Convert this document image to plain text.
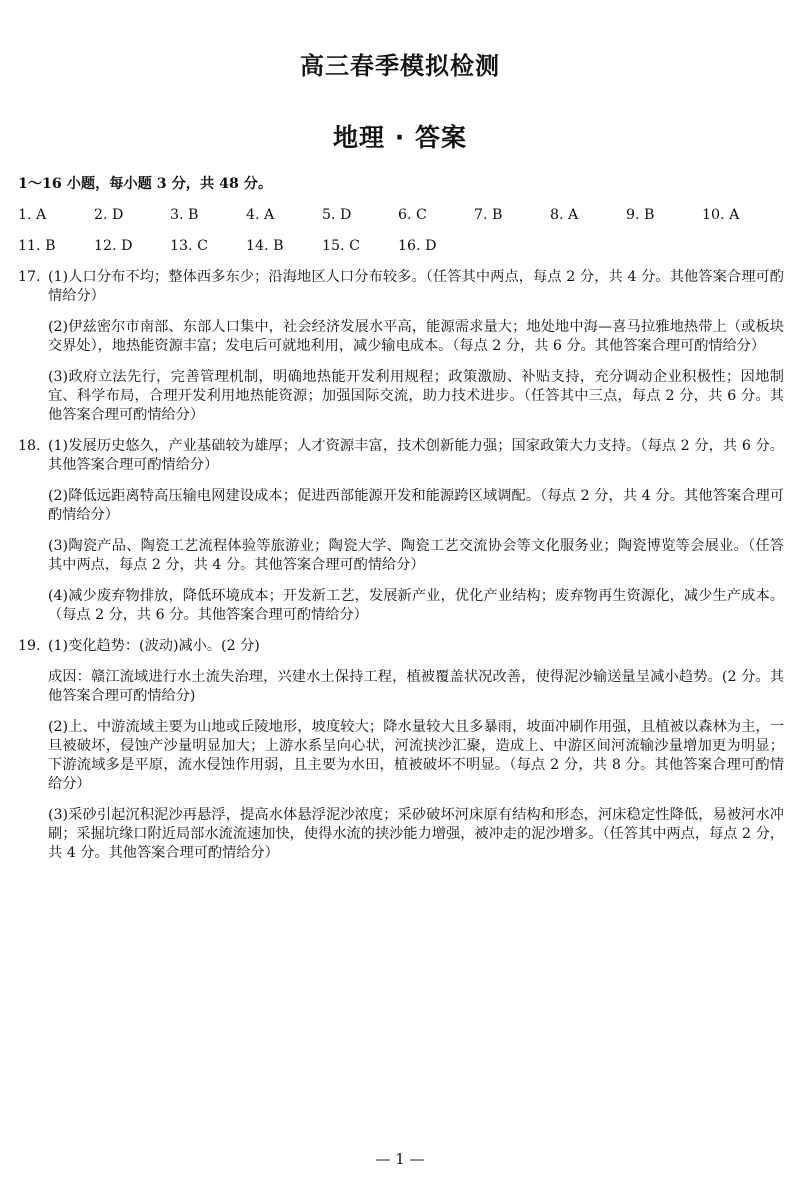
高三春季模拟检测
地理 · 答案
1～16 小题，每小题 3 分，共 48 分。
1. A	2. D	3. B	4. A	5. D	6. C	7. B	8. A	9. B	10. A
11. B	12. D	13. C	14. B	15. C	16. D
17. (1)人口分布不均；整体西多东少；沿海地区人口分布较多。（任答其中两点，每点 2 分，共 4 分。其他答案合理可酌情给分）
(2)伊兹密尔市南部、东部人口集中，社会经济发展水平高，能源需求量大；地处地中海—喜马拉雅地热带上（或板块交界处），地热能资源丰富；发电后可就地利用，减少输电成本。（每点 2 分，共 6 分。其他答案合理可酌情给分）
(3)政府立法先行，完善管理机制，明确地热能开发利用规程；政策激励、补贴支持，充分调动企业积极性；因地制宜、科学布局，合理开发利用地热能资源；加强国际交流，助力技术进步。（任答其中三点，每点 2 分，共 6 分。其他答案合理可酌情给分）
18. (1)发展历史悠久，产业基础较为雄厚；人才资源丰富，技术创新能力强；国家政策大力支持。（每点 2 分，共 6 分。其他答案合理可酌情给分）
(2)降低远距离特高压输电网建设成本；促进西部能源开发和能源跨区域调配。（每点 2 分，共 4 分。其他答案合理可酌情给分）
(3)陶瓷产品、陶瓷工艺流程体验等旅游业；陶瓷大学、陶瓷工艺交流协会等文化服务业；陶瓷博览等会展业。（任答其中两点，每点 2 分，共 4 分。其他答案合理可酌情给分）
(4)减少废弃物排放，降低环境成本；开发新工艺，发展新产业，优化产业结构；废弃物再生资源化，减少生产成本。（每点 2 分，共 6 分。其他答案合理可酌情给分）
19. (1)变化趋势：(波动)减小。(2 分)
成因：赣江流域进行水土流失治理，兴建水土保持工程，植被覆盖状况改善，使得泥沙输送量呈减小趋势。(2 分。其他答案合理可酌情给分)
(2)上、中游流域主要为山地或丘陵地形，坡度较大；降水量较大且多暴雨，坡面冲刷作用强，且植被以森林为主，一旦被破坏，侵蚀产沙量明显加大；上游水系呈向心状，河流挟沙汇聚，造成上、中游区间河流输沙量增加更为明显；下游流域多是平原，流水侵蚀作用弱，且主要为水田，植被破坏不明显。（每点 2 分，共 8 分。其他答案合理可酌情给分）
(3)采砂引起沉积泥沙再悬浮，提高水体悬浮泥沙浓度；采砂破坏河床原有结构和形态，河床稳定性降低，易被河水冲刷；采掘坑缘口附近局部水流流速加快，使得水流的挟沙能力增强，被冲走的泥沙增多。（任答其中两点，每点 2 分，共 4 分。其他答案合理可酌情给分）
— 1 —
